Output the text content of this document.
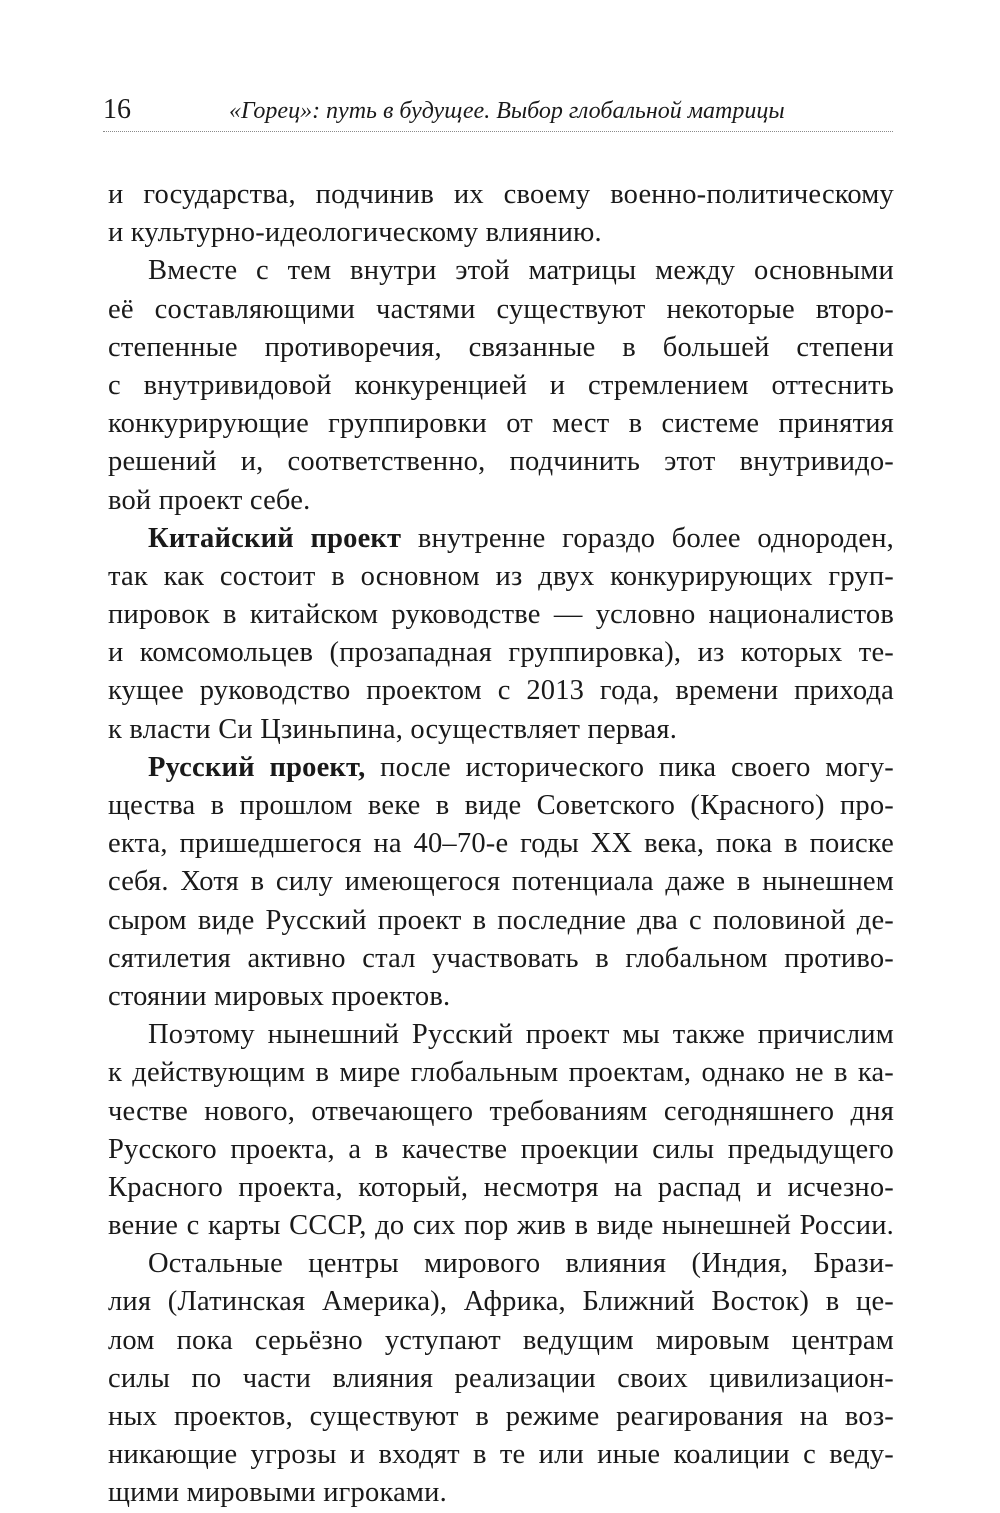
16	«Горец»: путь в будущее. Выбор глобальной матрицы
и государства, подчинив их своему военно-политическому
и культурно-идеологическому влиянию.
Вместе с тем внутри этой матрицы между основными
её составляющими частями существуют некоторые второ-
степенные противоречия, связанные в большей степени
с внутривидовой конкуренцией и стремлением оттеснить
конкурирующие группировки от мест в системе принятия
решений и, соответственно, подчинить этот внутривидо-
вой проект себе.
Китайский проект внутренне гораздо более однороден,
так как состоит в основном из двух конкурирующих груп-
пировок в китайском руководстве — условно националистов
и комсомольцев (прозападная группировка), из которых те-
кущее руководство проектом с 2013 года, времени прихода
к власти Си Цзиньпина, осуществляет первая.
Русский проект, после исторического пика своего могу-
щества в прошлом веке в виде Советского (Красного) про-
екта, пришедшегося на 40–70-е годы XX века, пока в поиске
себя. Хотя в силу имеющегося потенциала даже в нынешнем
сыром виде Русский проект в последние два с половиной де-
сятилетия активно стал участвовать в глобальном противо-
стоянии мировых проектов.
Поэтому нынешний Русский проект мы также причислим
к действующим в мире глобальным проектам, однако не в ка-
честве нового, отвечающего требованиям сегодняшнего дня
Русского проекта, а в качестве проекции силы предыдущего
Красного проекта, который, несмотря на распад и исчезно-
вение с карты СССР, до сих пор жив в виде нынешней России.
Остальные центры мирового влияния (Индия, Брази-
лия (Латинская Америка), Африка, Ближний Восток) в це-
лом пока серьёзно уступают ведущим мировым центрам
силы по части влияния реализации своих цивилизацион-
ных проектов, существуют в режиме реагирования на воз-
никающие угрозы и входят в те или иные коалиции с веду-
щими мировыми игроками.
